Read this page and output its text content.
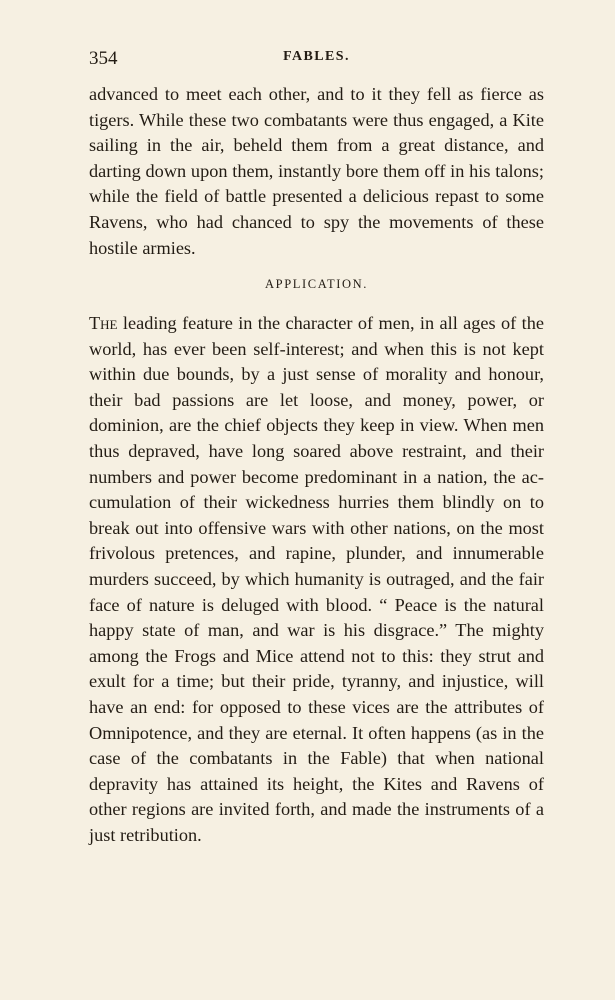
354	FABLES.

advanced to meet each other, and to it they fell as fierce as tigers. While these two combatants were thus engaged, a Kite sailing in the air, beheld them from a great distance, and darting down upon them, instantly bore them off in his talons; while the field of battle presented a delicious repast to some Ravens, who had chanced to spy the movements of these hostile armies.

APPLICATION.

The leading feature in the character of men, in all ages of the world, has ever been self-interest; and when this is not kept within due bounds, by a just sense of morality and honour, their bad passions are let loose, and money, power, or dominion, are the chief objects they keep in view. When men thus depraved, have long soared above restraint, and their numbers and power become predominant in a nation, the accumulation of their wickedness hurries them blindly on to break out into offensive wars with other nations, on the most frivolous pretences, and rapine, plunder, and innumerable murders succeed, by which humanity is outraged, and the fair face of nature is deluged with blood. “ Peace is the natural happy state of man, and war is his disgrace.” The mighty among the Frogs and Mice attend not to this: they strut and exult for a time; but their pride, tyranny, and injustice, will have an end: for opposed to these vices are the attributes of Omnipotence, and they are eternal. It often happens (as in the case of the combatants in the Fable) that when national depravity has attained its height, the Kites and Ravens of other regions are invited forth, and made the instruments of a just retribution.
